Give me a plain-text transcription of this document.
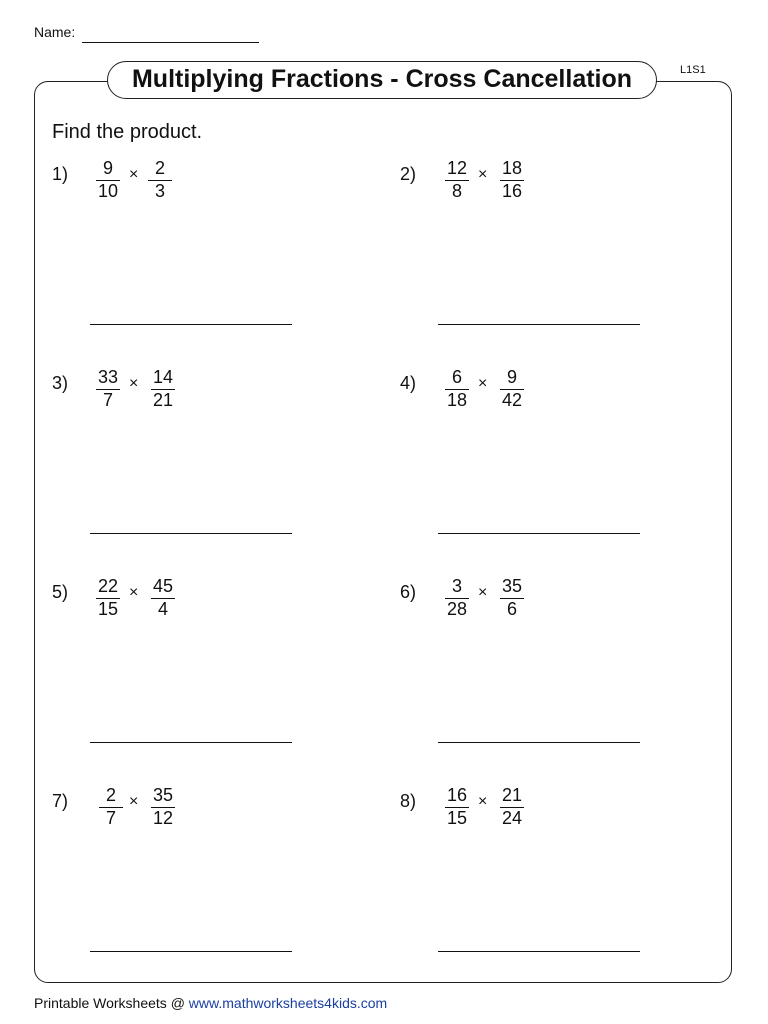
Name:
Multiplying Fractions - Cross Cancellation	L1S1
Find the product.
1)	9
10
× 2
3
2)	12
8
× 18
16
3)	33
7
× 14
21
4)	6
18
×	9
42
5)	22
15
× 45
4
6)	3
28
× 35
6
7)	2
7
× 35
12
8)	16
15
× 21
24
Printable Worksheets @ www.mathworksheets4kids.com
